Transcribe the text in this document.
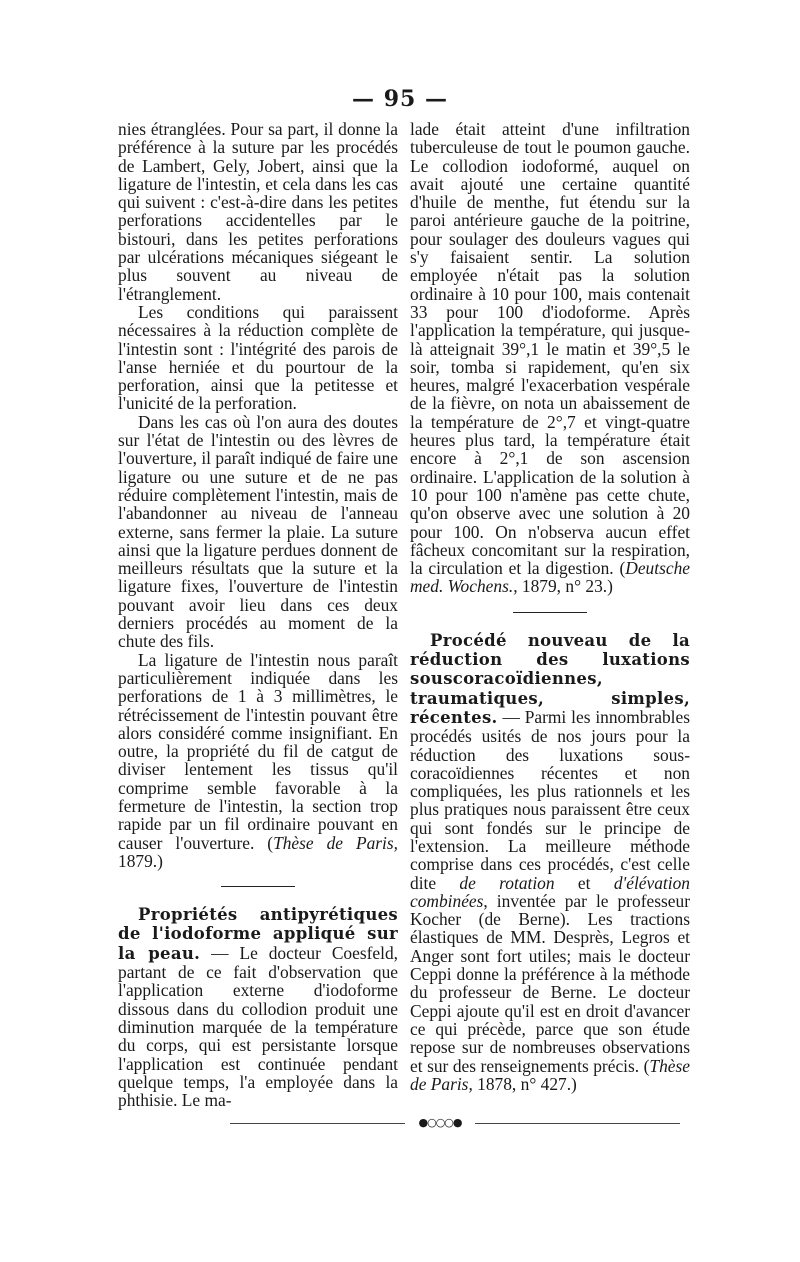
— 95 —

nies étranglées. Pour sa part, il donne la préférence à la suture par les procédés de Lambert, Gely, Jobert, ainsi que la ligature de l'intestin, et cela dans les cas qui suivent : c'est-à-dire dans les petites perforations accidentelles par le bistouri, dans les petites perforations par ulcérations mécaniques siégeant le plus souvent au niveau de l'étranglement.

Les conditions qui paraissent nécessaires à la réduction complète de l'intestin sont : l'intégrité des parois de l'anse herniée et du pourtour de la perforation, ainsi que la petitesse et l'unicité de la perforation.

Dans les cas où l'on aura des doutes sur l'état de l'intestin ou des lèvres de l'ouverture, il paraît indiqué de faire une ligature ou une suture et de ne pas réduire complètement l'intestin, mais de l'abandonner au niveau de l'anneau externe, sans fermer la plaie. La suture ainsi que la ligature perdues donnent de meilleurs résultats que la suture et la ligature fixes, l'ouverture de l'intestin pouvant avoir lieu dans ces deux derniers procédés au moment de la chute des fils.

La ligature de l'intestin nous paraît particulièrement indiquée dans les perforations de 1 à 3 millimètres, le rétrécissement de l'intestin pouvant être alors considéré comme insignifiant. En outre, la propriété du fil de catgut de diviser lentement les tissus qu'il comprime semble favorable à la fermeture de l'intestin, la section trop rapide par un fil ordinaire pouvant en causer l'ouverture. (Thèse de Paris, 1879.)

Propriétés antipyrétiques de l'iodoforme appliqué sur la peau. — Le docteur Coesfeld, partant de ce fait d'observation que l'application externe d'iodoforme dissous dans du collodion produit une diminution marquée de la température du corps, qui est persistante lorsque l'application est continuée pendant quelque temps, l'a employée dans la phthisie. Le ma-

lade était atteint d'une infiltration tuberculeuse de tout le poumon gauche. Le collodion iodoformé, auquel on avait ajouté une certaine quantité d'huile de menthe, fut étendu sur la paroi antérieure gauche de la poitrine, pour soulager des douleurs vagues qui s'y faisaient sentir. La solution employée n'était pas la solution ordinaire à 10 pour 100, mais contenait 33 pour 100 d'iodoforme. Après l'application la température, qui jusque-là atteignait 39°,1 le matin et 39°,5 le soir, tomba si rapidement, qu'en six heures, malgré l'exacerbation vespérale de la fièvre, on nota un abaissement de la température de 2°,7 et vingt-quatre heures plus tard, la température était encore à 2°,1 de son ascension ordinaire. L'application de la solution à 10 pour 100 n'amène pas cette chute, qu'on observe avec une solution à 20 pour 100. On n'observa aucun effet fâcheux concomitant sur la respiration, la circulation et la digestion. (Deutsche med. Wochens., 1879, n° 23.)

Procédé nouveau de la réduction des luxations souscoracoïdiennes, traumatiques, simples, récentes. — Parmi les innombrables procédés usités de nos jours pour la réduction des luxations sous-coracoïdiennes récentes et non compliquées, les plus rationnels et les plus pratiques nous paraissent être ceux qui sont fondés sur le principe de l'extension. La meilleure méthode comprise dans ces procédés, c'est celle dite de rotation et d'élévation combinées, inventée par le professeur Kocher (de Berne). Les tractions élastiques de MM. Desprès, Legros et Anger sont fort utiles; mais le docteur Ceppi donne la préférence à la méthode du professeur de Berne. Le docteur Ceppi ajoute qu'il est en droit d'avancer ce qui précède, parce que son étude repose sur de nombreuses observations et sur des renseignements précis. (Thèse de Paris, 1878, n° 427.)

●○○○●
